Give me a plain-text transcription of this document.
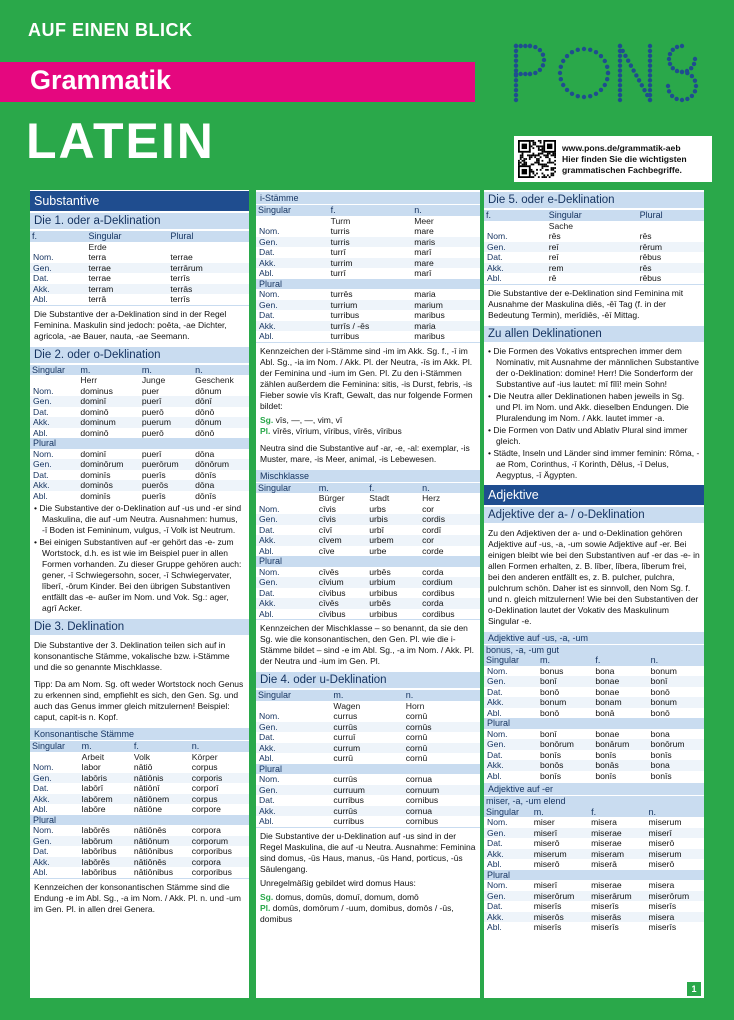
AUF EINEN BLICK
Grammatik
LATEIN	www.pons.de/grammatik-aeb
Hier finden Sie die wichtigsten grammatischen Fachbegriffe.
Substantive
Die 1. oder a-Deklination
f.	Singular	Plural
	Erde	
Nom.	terra	terrae
Gen.	terrae	terrārum
Dat.	terrae	terrīs
Akk.	terram	terrās
Abl.	terrā	terrīs
Die Substantive der a-Deklination sind in der Regel Feminina. Maskulin sind jedoch: poēta, -ae Dichter, agricola, -ae Bauer, nauta, -ae Seemann.
Die 2. oder o-Deklination
Singular	m.	m.	n.
	Herr	Junge	Geschenk
Nom.	dominus	puer	dōnum
Gen.	dominī	puerī	dōnī
Dat.	dominō	puerō	dōnō
Akk.	dominum	puerum	dōnum
Abl.	dominō	puerō	dōnō
Plural			
Nom.	dominī	puerī	dōna
Gen.	dominōrum	puerōrum	dōnōrum
Dat.	dominīs	puerīs	dōnīs
Akk.	dominōs	puerōs	dōna
Abl.	dominīs	puerīs	dōnīs
• Die Substantive der o-Deklination auf -us und -er sind Maskulina, die auf -um Neutra. Ausnahmen: humus, -ī Boden ist Femininum, vulgus, -ī Volk ist Neutrum.
• Bei einigen Substantiven auf -er gehört das -e- zum Wortstock, d.h. es ist wie im Beispiel puer in allen Formen vorhanden. Zu dieser Gruppe gehören auch: gener, -ī Schwiegersohn, socer, -ī Schwiegervater, līberī, -ōrum Kinder. Bei den übrigen Substantiven entfällt das -e- außer im Nom. und Vok. Sg.: ager, agrī Acker.
Die 3. Deklination
Die Substantive der 3. Deklination teilen sich auf in konsonantische Stämme, vokalische bzw. i-Stämme und die so genannte Mischklasse.
Tipp: Da am Nom. Sg. oft weder Wortstock noch Genus zu erkennen sind, empfiehlt es sich, den Gen. Sg. und auch das Genus immer gleich mitzulernen! Beispiel: caput, capit-is n. Kopf.
Konsonantische Stämme
Singular	m.	f.	n.
	Arbeit	Volk	Körper
Nom.	labor	nātiō	corpus
Gen.	labōris	nātiōnis	corporis
Dat.	labōrī	nātiōnī	corporī
Akk.	labōrem	nātiōnem	corpus
Abl.	labōre	nātiōne	corpore
Plural			
Nom.	labōrēs	nātiōnēs	corpora
Gen.	labōrum	nātiōnum	corporum
Dat.	labōribus	nātiōnibus	corporibus
Akk.	labōrēs	nātiōnēs	corpora
Abl.	labōribus	nātiōnibus	corporibus
Kennzeichen der konsonantischen Stämme sind die Endung -e im Abl. Sg., -a im Nom. / Akk. Pl. n. und -um im Gen. Pl. in allen drei Genera.
i-Stämme
Singular	f.	n.
	Turm	Meer
Nom.	turris	mare
Gen.	turris	maris
Dat.	turrī	marī
Akk.	turrim	mare
Abl.	turrī	marī
Plural		
Nom.	turrēs	maria
Gen.	turrium	marium
Dat.	turribus	maribus
Akk.	turrīs / -ēs	maria
Abl.	turribus	maribus
Kennzeichen der i-Stämme sind -im im Akk. Sg. f., -ī im Abl. Sg., -ia im Nom. / Akk. Pl. der Neutra, -īs im Akk. Pl. der Feminina und -ium im Gen. Pl. Zu den i-Stämmen zählen außerdem die Feminina: sitis, -is Durst, febris, -is Fieber sowie vīs Kraft, Gewalt, das nur folgende Formen bildet:
Sg. vīs, —, —, vim, vī
Pl. vīrēs, vīrium, vīribus, vīrēs, vīribus
Neutra sind die Substantive auf -ar, -e, -al: exemplar, -is Muster, mare, -is Meer, animal, -is Lebewesen.
Mischklasse
Singular	m.	f.	n.
	Bürger	Stadt	Herz
Nom.	cīvis	urbs	cor
Gen.	cīvis	urbis	cordis
Dat.	cīvī	urbī	cordī
Akk.	cīvem	urbem	cor
Abl.	cīve	urbe	corde
Plural			
Nom.	cīvēs	urbēs	corda
Gen.	cīvium	urbium	cordium
Dat.	cīvibus	urbibus	cordibus
Akk.	cīvēs	urbēs	corda
Abl.	cīvibus	urbibus	cordibus
Kennzeichen der Mischklasse – so benannt, da sie den Sg. wie die konsonantischen, den Gen. Pl. wie die i-Stämme bildet – sind -e im Abl. Sg., -a im Nom. / Akk. Pl. der Neutra und -ium im Gen. Pl.
Die 4. oder u-Deklination
Singular	m.	n.
	Wagen	Horn
Nom.	currus	cornū
Gen.	currūs	cornūs
Dat.	curruī	cornū
Akk.	currum	cornū
Abl.	currū	cornū
Plural		
Nom.	currūs	cornua
Gen.	curruum	cornuum
Dat.	curribus	cornibus
Akk.	currūs	cornua
Abl.	curribus	cornibus
Die Substantive der u-Deklination auf -us sind in der Regel Maskulina, die auf -u Neutra. Ausnahme: Feminina sind domus, -ūs Haus, manus, -ūs Hand, porticus, -ūs Säulengang.
Unregelmäßig gebildet wird domus Haus:
Sg. domus, domūs, domuī, domum, domō
Pl. domūs, domōrum / -uum, domibus, domōs / -ūs, domibus
Die 5. oder e-Deklination
f.	Singular	Plural
	Sache	
Nom.	rēs	rēs
Gen.	reī	rērum
Dat.	reī	rēbus
Akk.	rem	rēs
Abl.	rē	rēbus
Die Substantive der e-Deklination sind Feminina mit Ausnahme der Maskulina diēs, -ēī Tag (f. in der Bedeutung Termin), merīdiēs, -ēī Mittag.
Zu allen Deklinationen
• Die Formen des Vokativs entsprechen immer dem Nominativ, mit Ausnahme der männlichen Substantive der o-Deklination: domine! Herr! Die Sonderform der Substantive auf -ius lautet: mī fīlī! mein Sohn!
• Die Neutra aller Deklinationen haben jeweils in Sg. und Pl. im Nom. und Akk. dieselben Endungen. Die Pluralendung im Nom. / Akk. lautet immer -a.
• Die Formen von Dativ und Ablativ Plural sind immer gleich.
• Städte, Inseln und Länder sind immer feminin: Rōma, -ae Rom, Corinthus, -ī Korinth, Dēlus, -ī Delus, Aegyptus, -ī Ägypten.
Adjektive
Adjektive der a- / o-Deklination
Zu den Adjektiven der a- und o-Deklination gehören Adjektive auf -us, -a, -um sowie Adjektive auf -er. Bei einigen bleibt wie bei den Substantiven auf -er das -e- in allen Formen erhalten, z. B. līber, lībera, līberum frei, bei den anderen entfällt es, z. B. pulcher, pulchra, pulchrum schön. Daher ist es sinnvoll, den Nom Sg. f. und n. gleich mitzulernen! Wie bei den Substantiven der o-Deklination lautet der Vokativ des Maskulinum Singular -e.
Adjektive auf -us, -a, -um
bonus, -a, -um gut			
Singular	m.	f.	n.
Nom.	bonus	bona	bonum
Gen.	bonī	bonae	bonī
Dat.	bonō	bonae	bonō
Akk.	bonum	bonam	bonum
Abl.	bonō	bonā	bonō
Plural			
Nom.	bonī	bonae	bona
Gen.	bonōrum	bonārum	bonōrum
Dat.	bonīs	bonīs	bonīs
Akk.	bonōs	bonās	bona
Abl.	bonīs	bonīs	bonīs
Adjektive auf -er
miser, -a, -um elend			
Singular	m.	f.	n.
Nom.	miser	misera	miserum
Gen.	miserī	miserae	miserī
Dat.	miserō	miserae	miserō
Akk.	miserum	miseram	miserum
Abl.	miserō	miserā	miserō
Plural			
Nom.	miserī	miserae	misera
Gen.	miserōrum	miserārum	miserōrum
Dat.	miserīs	miserīs	miserīs
Akk.	miserōs	miserās	misera
Abl.	miserīs	miserīs	miserīs
1
